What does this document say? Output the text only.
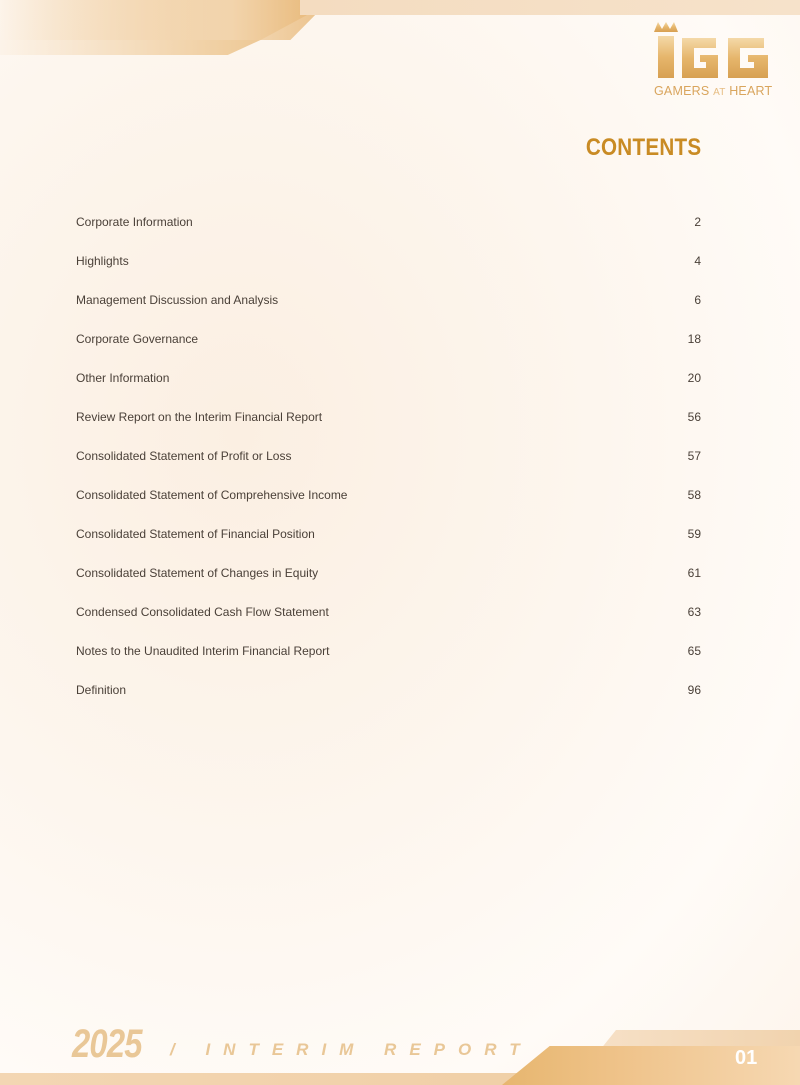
GAMERS AT HEART
CONTENTS
Corporate Information	2
Highlights	4
Management Discussion and Analysis	6
Corporate Governance	18
Other Information	20
Review Report on the Interim Financial Report	56
Consolidated Statement of Profit or Loss	57
Consolidated Statement of Comprehensive Income	58
Consolidated Statement of Financial Position	59
Consolidated Statement of Changes in Equity	61
Condensed Consolidated Cash Flow Statement	63
Notes to the Unaudited Interim Financial Report	65
Definition	96
2025 / INTERIM REPORT	01
